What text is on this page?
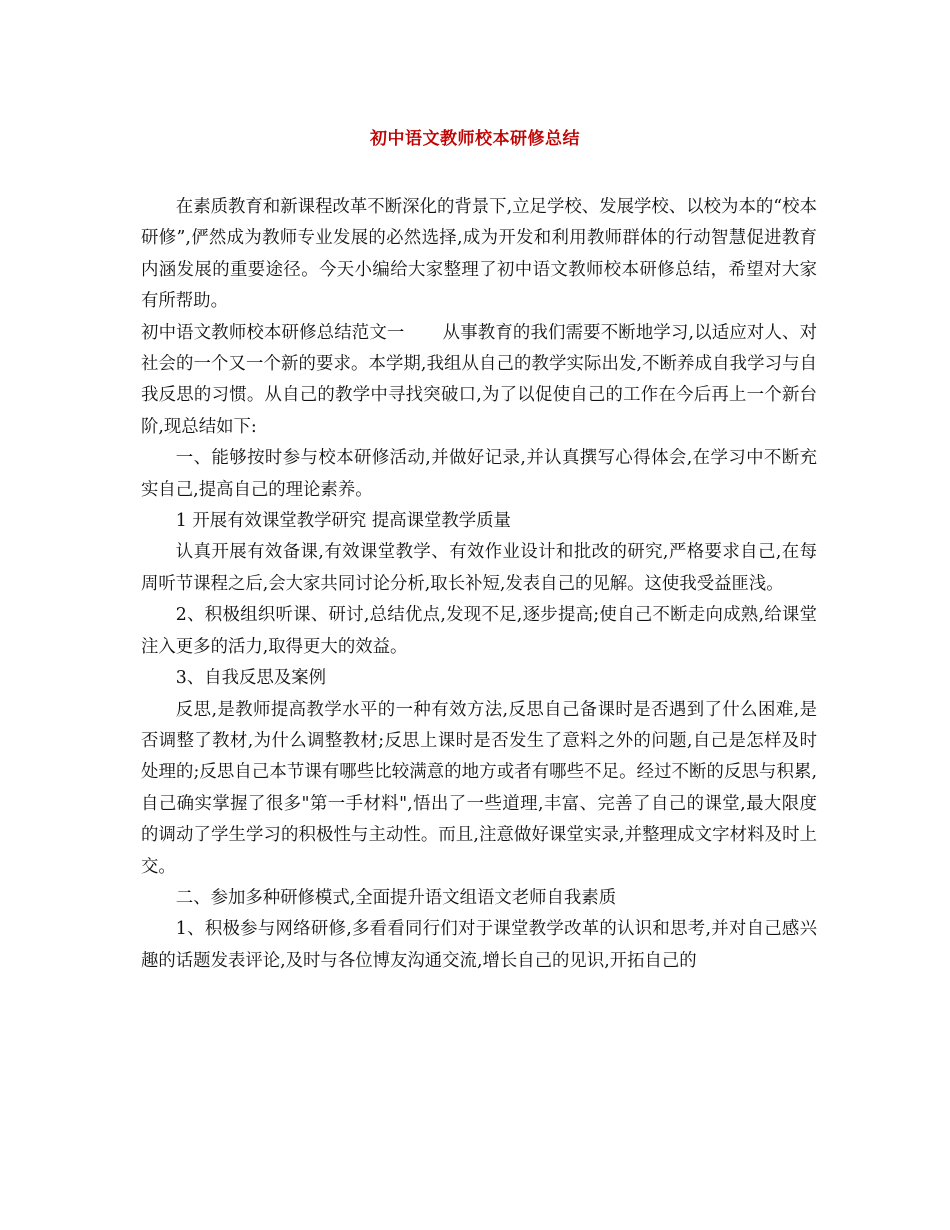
初中语文教师校本研修总结

在素质教育和新课程改革不断深化的背景下,立足学校、发展学校、以校为本的“校本研修”,俨然成为教师专业发展的必然选择,成为开发和利用教师群体的行动智慧促进教育内涵发展的重要途径。今天小编给大家整理了初中语文教师校本研修总结，希望对大家有所帮助。

初中语文教师校本研修总结范文一 从事教育的我们需要不断地学习,以适应对人、对社会的一个又一个新的要求。本学期,我组从自己的教学实际出发,不断养成自我学习与自我反思的习惯。从自己的教学中寻找突破口,为了以促使自己的工作在今后再上一个新台阶,现总结如下:

一、能够按时参与校本研修活动,并做好记录,并认真撰写心得体会,在学习中不断充实自己,提高自己的理论素养。

1 开展有效课堂教学研究 提高课堂教学质量

认真开展有效备课,有效课堂教学、有效作业设计和批改的研究,严格要求自己,在每周听节课程之后,会大家共同讨论分析,取长补短,发表自己的见解。这使我受益匪浅。

2、积极组织听课、研讨,总结优点,发现不足,逐步提高;使自己不断走向成熟,给课堂注入更多的活力,取得更大的效益。

3、自我反思及案例

反思,是教师提高教学水平的一种有效方法,反思自己备课时是否遇到了什么困难,是否调整了教材,为什么调整教材;反思上课时是否发生了意料之外的问题,自己是怎样及时处理的;反思自己本节课有哪些比较满意的地方或者有哪些不足。经过不断的反思与积累,自己确实掌握了很多"第一手材料",悟出了一些道理,丰富、完善了自己的课堂,最大限度的调动了学生学习的积极性与主动性。而且,注意做好课堂实录,并整理成文字材料及时上交。

二、参加多种研修模式,全面提升语文组语文老师自我素质

1、积极参与网络研修,多看看同行们对于课堂教学改革的认识和思考,并对自己感兴趣的话题发表评论,及时与各位博友沟通交流,增长自己的见识,开拓自己的
